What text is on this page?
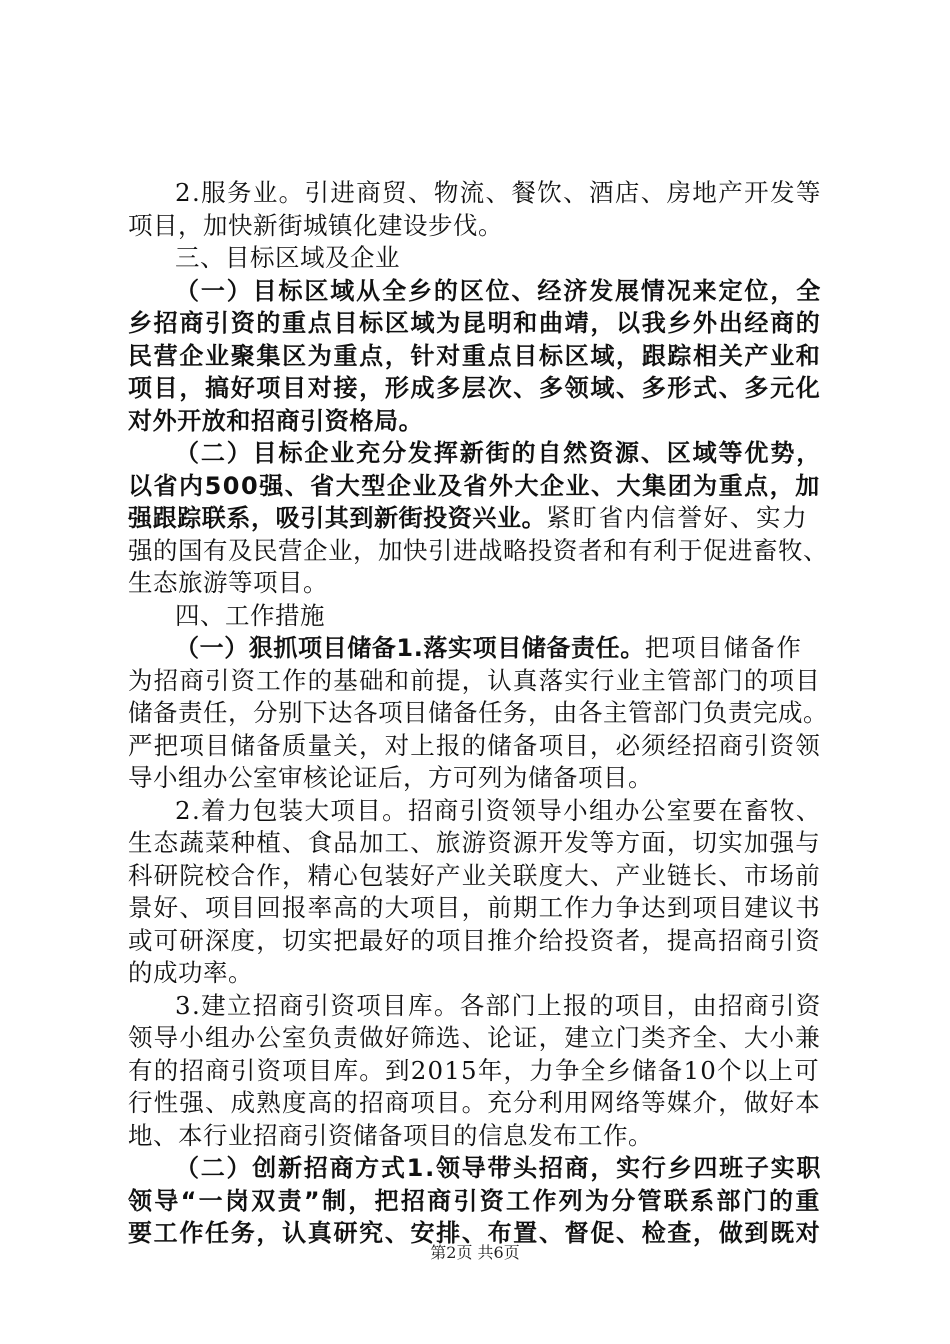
2.服务业。引进商贸、物流、餐饮、酒店、房地产开发等
项目，加快新街城镇化建设步伐。
三、目标区域及企业
（一）目标区域从全乡的区位、经济发展情况来定位，全
乡招商引资的重点目标区域为昆明和曲靖，以我乡外出经商的
民营企业聚集区为重点，针对重点目标区域，跟踪相关产业和
项目，搞好项目对接，形成多层次、多领域、多形式、多元化
对外开放和招商引资格局。
（二）目标企业充分发挥新街的自然资源、区域等优势，
以省内500强、省大型企业及省外大企业、大集团为重点，加
强跟踪联系，吸引其到新街投资兴业。紧盯省内信誉好、实力
强的国有及民营企业，加快引进战略投资者和有利于促进畜牧、
生态旅游等项目。
四、工作措施
（一）狠抓项目储备1.落实项目储备责任。把项目储备作
为招商引资工作的基础和前提，认真落实行业主管部门的项目
储备责任，分别下达各项目储备任务，由各主管部门负责完成。
严把项目储备质量关，对上报的储备项目，必须经招商引资领
导小组办公室审核论证后，方可列为储备项目。
2.着力包装大项目。招商引资领导小组办公室要在畜牧、
生态蔬菜种植、食品加工、旅游资源开发等方面，切实加强与
科研院校合作，精心包装好产业关联度大、产业链长、市场前
景好、项目回报率高的大项目，前期工作力争达到项目建议书
或可研深度，切实把最好的项目推介给投资者，提高招商引资
的成功率。
3.建立招商引资项目库。各部门上报的项目，由招商引资
领导小组办公室负责做好筛选、论证，建立门类齐全、大小兼
有的招商引资项目库。到2015年，力争全乡储备10个以上可
行性强、成熟度高的招商项目。充分利用网络等媒介，做好本
地、本行业招商引资储备项目的信息发布工作。
（二）创新招商方式1.领导带头招商，实行乡四班子实职
领导“一岗双责”制，把招商引资工作列为分管联系部门的重
要工作任务，认真研究、安排、布置、督促、检查，做到既对
第2页 共6页
